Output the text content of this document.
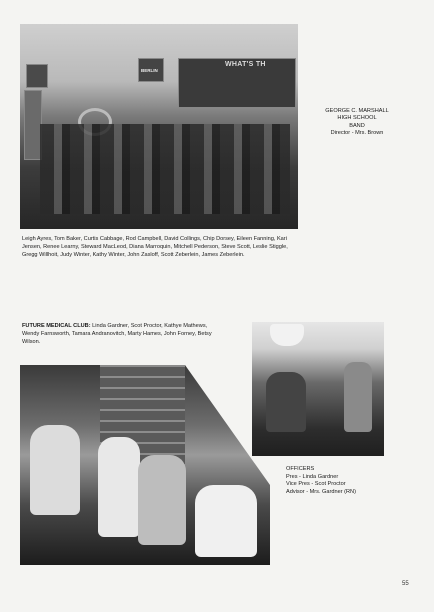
WHAT'S TH
BERLIN
GEORGE C. MARSHALL
HIGH SCHOOL
BAND
Director - Mrs. Brown
Leigh Ayres, Tom Baker, Curtis Cabbage, Rod Campbell, David Collings, Chip Dorsey, Eileen Fanning, Kari Jensen, Renee Learny, Steward MacLeod, Diana Marroquin, Mitchell Pederson, Steve Scott, Leslie Stiggle, Gregg Willhoit, Judy Winter, Kathy Winter, John Zasloff, Scott Zeberlein, James Zeberlein.
FUTURE MEDICAL CLUB: Linda Gardner, Scot Proctor, Kathye Mathews, Wendy Farnsworth, Tamara Andranovitch, Marty Hames, John Forney, Betsy Wilson.
OFFICERS
Pres - Linda Gardner
Vice Pres - Scot Proctor
Advisor - Mrs. Gardner (RN)
55
